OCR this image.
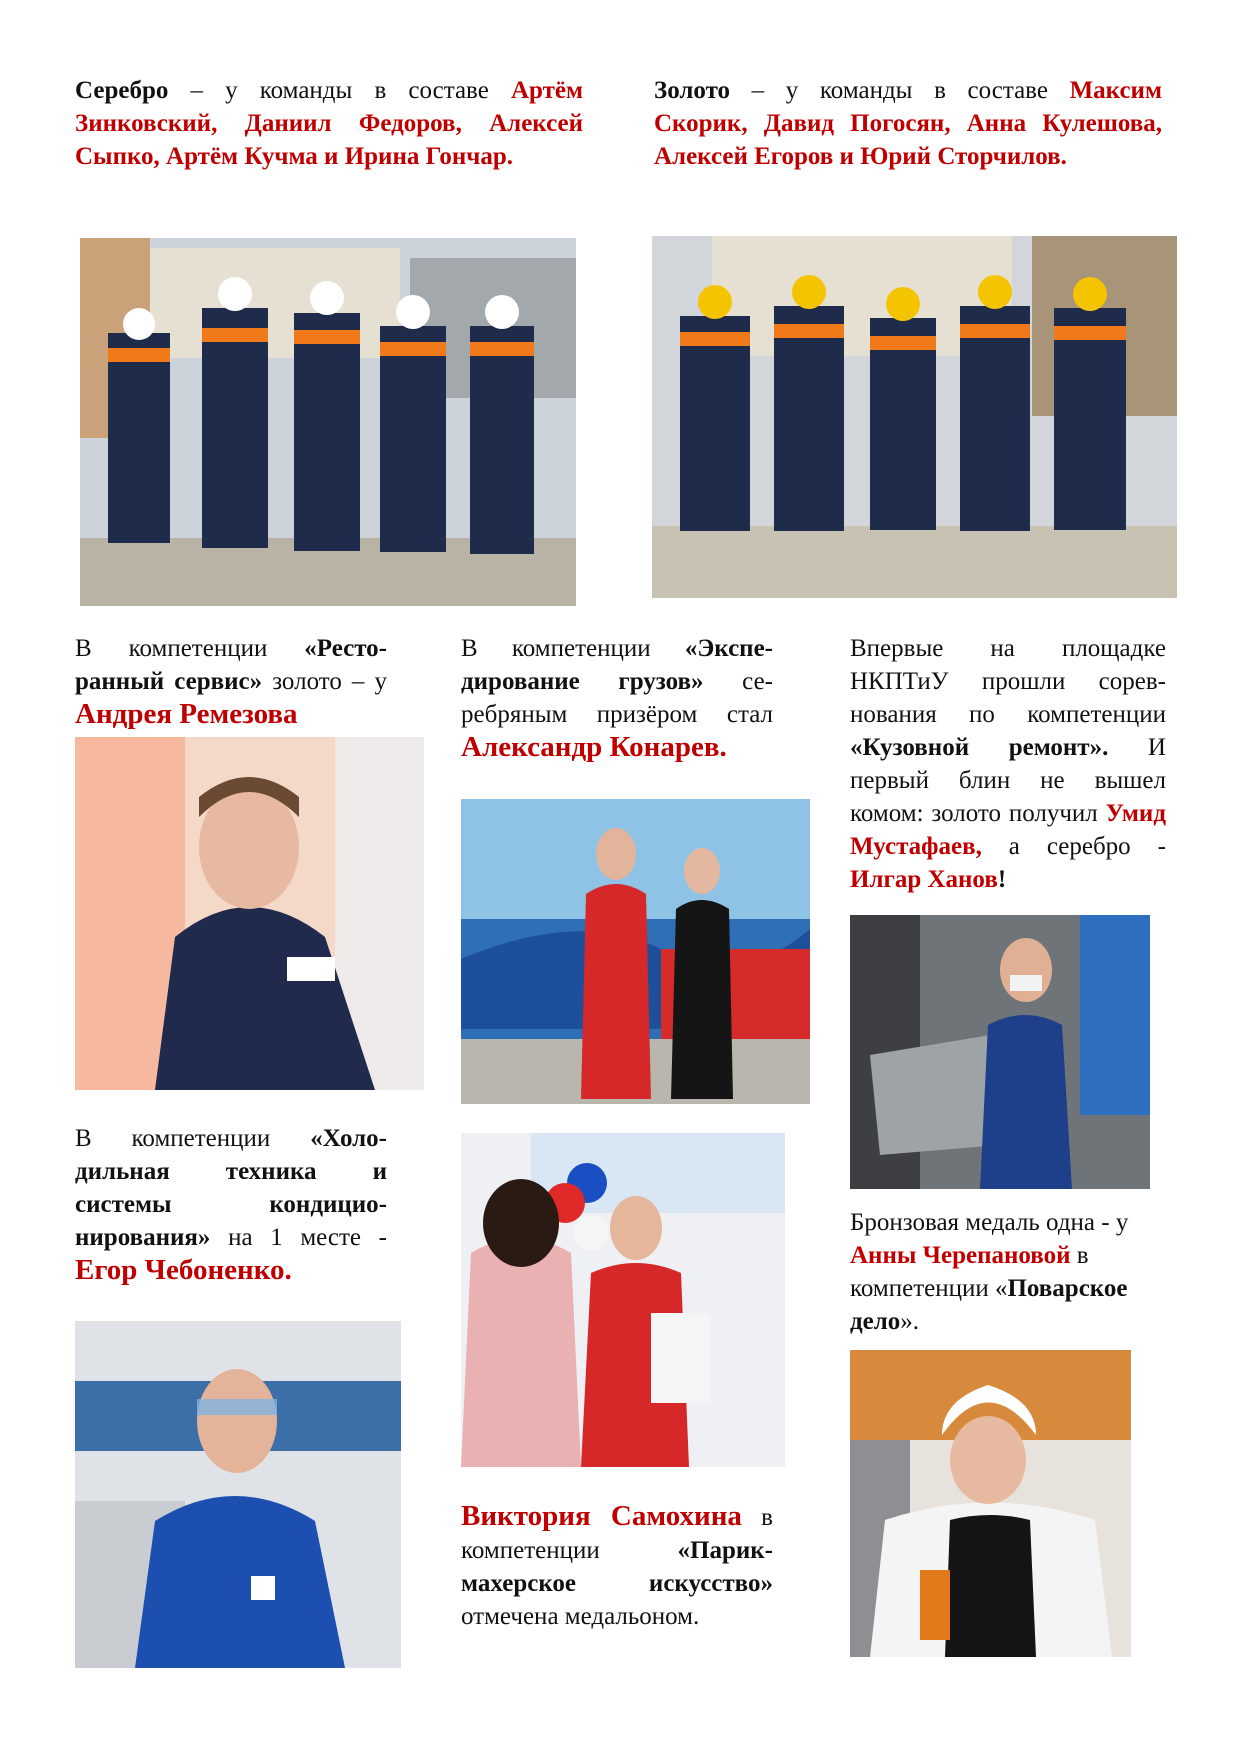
Серебро – у команды в составе Артём Зинковский, Даниил Федоров, Алексей Сыпко, Артём Кучма и Ирина Гончар.
Золото – у команды в составе Максим Скорик, Давид Погосян, Анна Кулешова, Алексей Егоров и Юрий Сторчилов.
В компетенции «Ресторанный сервис» золото – у Андрея Ремезова
В компетенции «Холодильная техника и системы кондиционирования» на 1 месте - Егор Чебоненко.
В компетенции «Экспедирование грузов» серебряным призёром стал Александр Конарев.
Виктория Самохина в компетенции «Парикмахерское искусство» отмечена медальоном.
Впервые на площадке НКПТиУ прошли соревнования по компетенции «Кузовной ремонт». И первый блин не вышел комом: золото получил Умид Мустафаев, а серебро - Илгар Ханов!
Бронзовая медаль одна - у Анны Черепановой в компетенции «Поварское дело».
